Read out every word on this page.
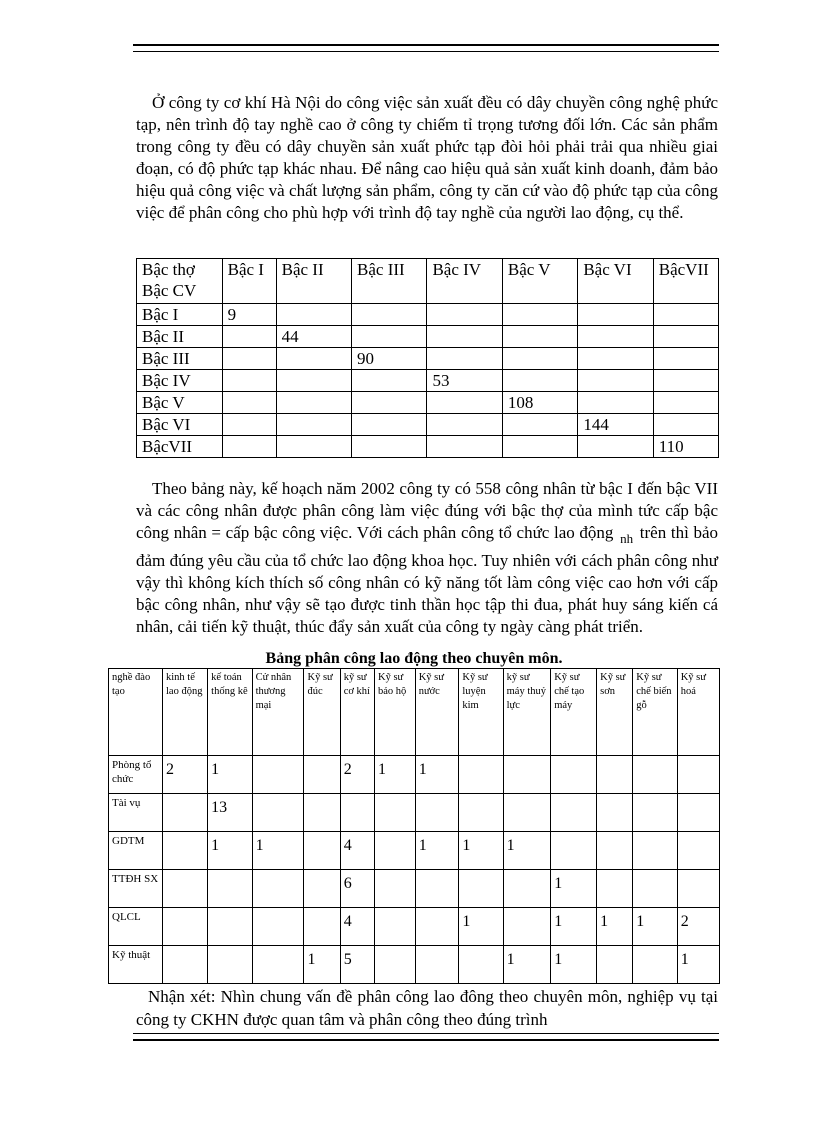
Ở công ty cơ khí Hà Nội do công việc sản xuất đều có dây chuyền công nghệ phức tạp, nên trình độ tay nghề cao ở công ty chiếm tỉ trọng tương đối lớn. Các sản phẩm trong công ty đều có dây chuyền sản xuất phức tạp đòi hỏi phải trải qua nhiều giai đoạn, có độ phức tạp khác nhau. Để nâng cao hiệu quả sản xuất kinh doanh, đảm bảo hiệu quả công việc và chất lượng sản phẩm, công ty căn cứ vào độ phức tạp của công việc để phân công cho phù hợp với trình độ tay nghề của người lao động, cụ thể.

Bậc thợ
Bậc CV	Bậc I	Bậc II	Bậc III	Bậc IV	Bậc V	Bậc VI	BậcVII
Bậc I	9						
Bậc II		44					
Bậc III			90				
Bậc IV				53			
Bậc V					108		
Bậc VI						144	
BậcVII							110

Theo bảng này, kế hoạch năm 2002 công ty có 558 công nhân từ bậc I đến bậc VII và các công nhân được phân công làm việc đúng với bậc thợ của mình tức cấp bậc công nhân = cấp bậc công việc. Với cách phân công tổ chức lao động $_{nh}$ trên thì bảo đảm đúng yêu cầu của tổ chức lao động khoa học. Tuy nhiên với cách phân công như vậy thì không kích thích số công nhân có kỹ năng tốt làm công việc cao hơn với cấp bậc công nhân, như vậy sẽ tạo được tinh thần học tập thi đua, phát huy sáng kiến cá nhân, cải tiến kỹ thuật, thúc đẩy sản xuất của công ty ngày càng phát triển.

Bảng phân công lao động theo chuyên môn.
nghề đào tạo	kinh tế lao động	kế toán thống kê	Cử nhân thương mại	Kỹ sư đúc	kỹ sư cơ khí	Kỹ sư bảo hộ	Kỹ sư nước	Kỹ sư luyện kim	kỹ sư máy thuỷ lực	Kỹ sư chế tạo máy	Kỹ sư sơn	Kỹ sư chế biến gỗ	Kỹ sư hoá
Phòng tổ chức	2	1			2	1	1						
Tài vụ		13											
GDTM		1	1		4		1	1	1				
TTĐH SX					6					1			
QLCL					4			1		1	1	1	2
Kỹ thuật				1	5				1	1			1

Nhận xét: Nhìn chung vấn đề phân công lao đông theo chuyên môn, nghiệp vụ tại công ty CKHN được quan tâm và phân công theo đúng trình
